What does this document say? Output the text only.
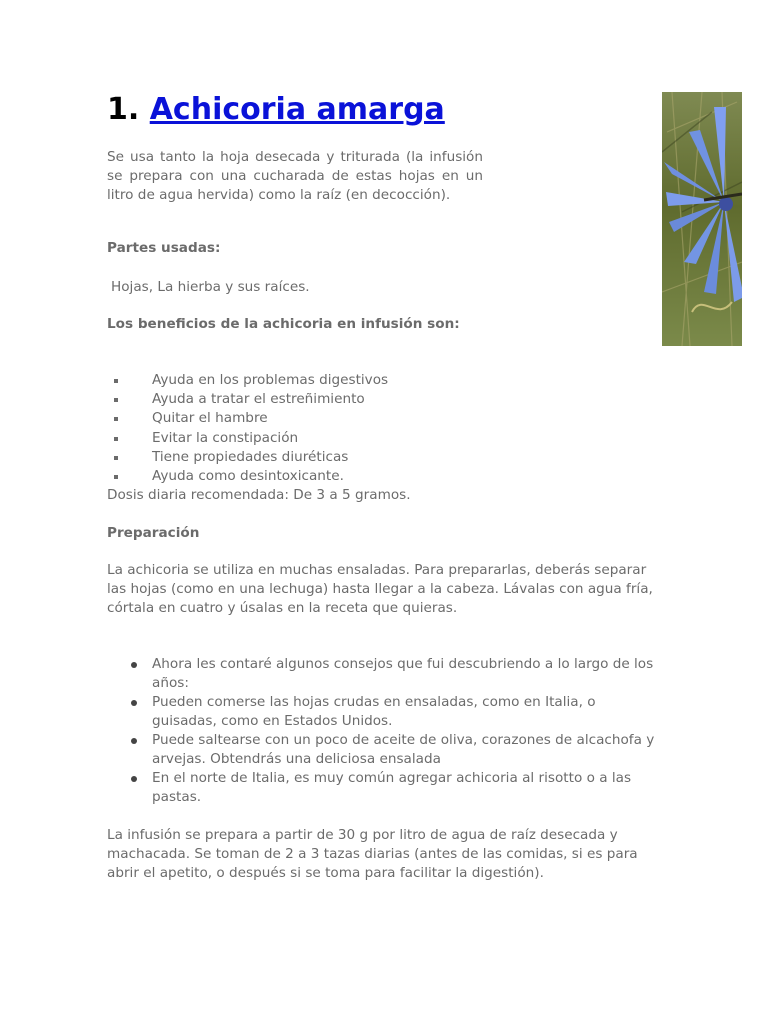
1. Achicoria amarga

Se usa tanto la hoja desecada y triturada (la infusión se prepara con una cucharada de estas hojas en un litro de agua hervida) como la raíz (en decocción).

Partes usadas:

Hojas, La hierba y sus raíces.

Los beneficios de la achicoria en infusión son:

Ayuda en los problemas digestivos
Ayuda a tratar el estreñimiento
Quitar el hambre
Evitar la constipación
Tiene propiedades diuréticas
Ayuda como desintoxicante.

Dosis diaria recomendada: De 3 a 5 gramos.

Preparación

La achicoria se utiliza en muchas ensaladas. Para prepararlas, deberás separar las hojas (como en una lechuga) hasta llegar a la cabeza. Lávalas con agua fría, córtala en cuatro y úsalas en la receta que quieras.

Ahora les contaré algunos consejos que fui descubriendo a lo largo de los años:
Pueden comerse las hojas crudas en ensaladas, como en Italia, o guisadas, como en Estados Unidos.
Puede saltearse con un poco de aceite de oliva, corazones de alcachofa y arvejas. Obtendrás una deliciosa ensalada
En el norte de Italia, es muy común agregar achicoria al risotto o a las pastas.

La infusión se prepara a partir de 30 g por litro de agua de raíz desecada y machacada. Se toman de 2 a 3 tazas diarias (antes de las comidas, si es para abrir el apetito, o después si se toma para facilitar la digestión).
